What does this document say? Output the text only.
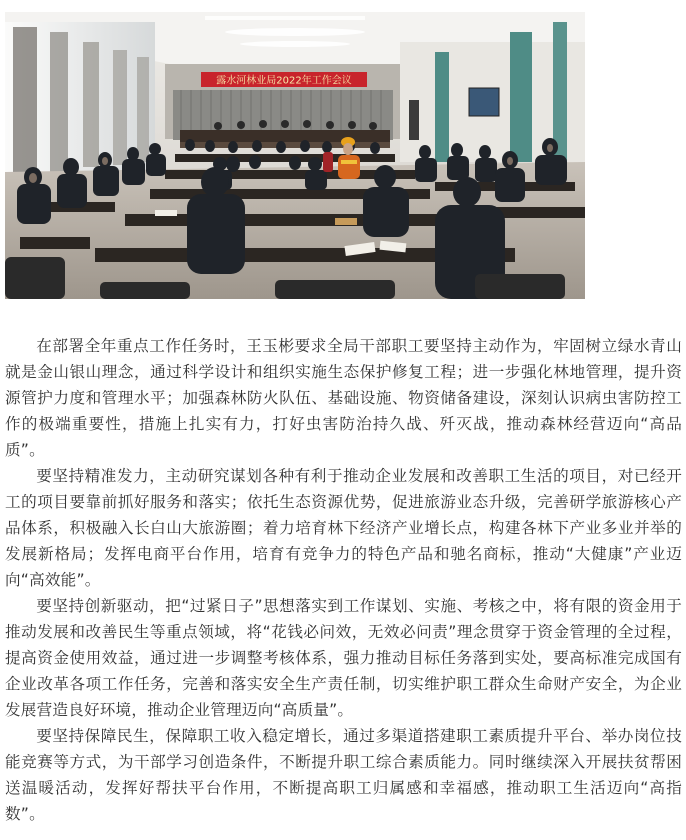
露水河林业局2022年工作会议

在部署全年重点工作任务时，王玉彬要求全局干部职工要坚持主动作为，牢固树立绿水青山就是金山银山理念，通过科学设计和组织实施生态保护修复工程；进一步强化林地管理，提升资源管护力度和管理水平；加强森林防火队伍、基础设施、物资储备建设，深刻认识病虫害防控工作的极端重要性，措施上扎实有力，打好虫害防治持久战、歼灭战，推动森林经营迈向“高品质”。

要坚持精准发力，主动研究谋划各种有利于推动企业发展和改善职工生活的项目，对已经开工的项目要靠前抓好服务和落实；依托生态资源优势，促进旅游业态升级，完善研学旅游核心产品体系，积极融入长白山大旅游圈；着力培育林下经济产业增长点，构建各林下产业多业并举的发展新格局；发挥电商平台作用，培育有竞争力的特色产品和驰名商标，推动“大健康”产业迈向“高效能”。

要坚持创新驱动，把“过紧日子”思想落实到工作谋划、实施、考核之中，将有限的资金用于推动发展和改善民生等重点领域，将“花钱必问效，无效必问责”理念贯穿于资金管理的全过程，提高资金使用效益，通过进一步调整考核体系，强力推动目标任务落到实处，要高标准完成国有企业改革各项工作任务，完善和落实安全生产责任制，切实维护职工群众生命财产安全，为企业发展营造良好环境，推动企业管理迈向“高质量”。

要坚持保障民生，保障职工收入稳定增长，通过多渠道搭建职工素质提升平台、举办岗位技能竞赛等方式，为干部学习创造条件，不断提升职工综合素质能力。同时继续深入开展扶贫帮困送温暖活动，发挥好帮扶平台作用，不断提高职工归属感和幸福感，推动职工生活迈向“高指数”。
